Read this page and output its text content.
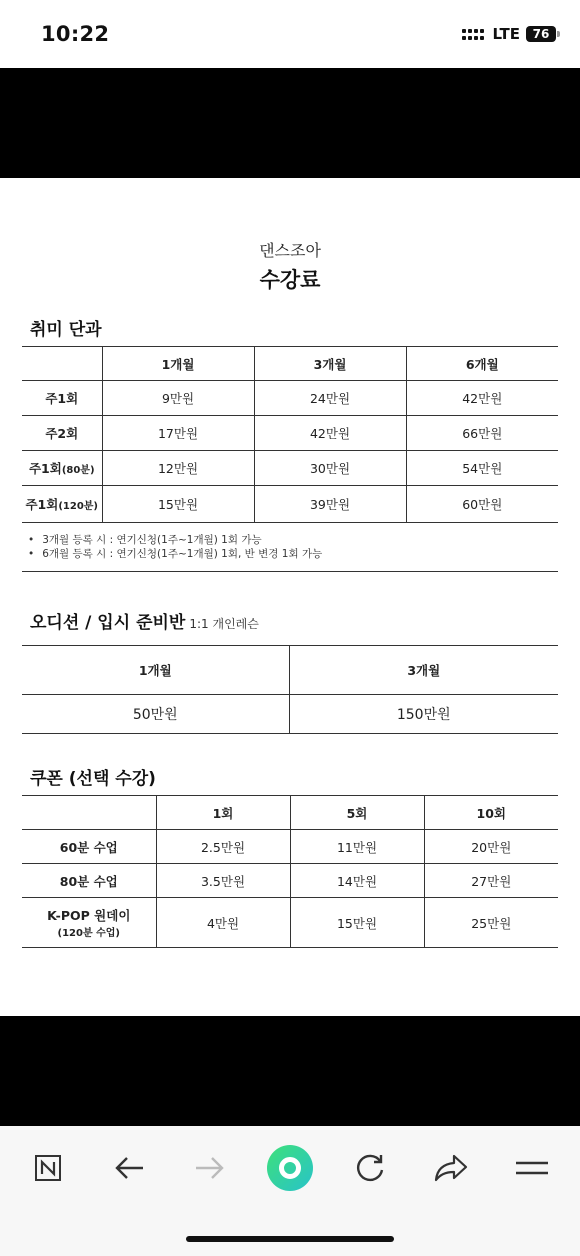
10:22	LTE	76
댄스조아
수강료
취미 단과
	1개월	3개월	6개월
주1회	9만원	24만원	42만원
주2회	17만원	42만원	66만원
주1회(80분)	12만원	30만원	54만원
주1회(120분)	15만원	39만원	60만원
• 3개월 등록 시 : 연기신청(1주~1개월) 1회 가능
• 6개월 등록 시 : 연기신청(1주~1개월) 1회, 반 변경 1회 가능
오디션 / 입시 준비반 1:1 개인레슨
1개월	3개월
50만원	150만원
쿠폰 (선택 수강)
	1회	5회	10회
60분 수업	2.5만원	11만원	20만원
80분 수업	3.5만원	14만원	27만원

K-POP 원데이
(120분 수업)	4만원	15만원	25만원
